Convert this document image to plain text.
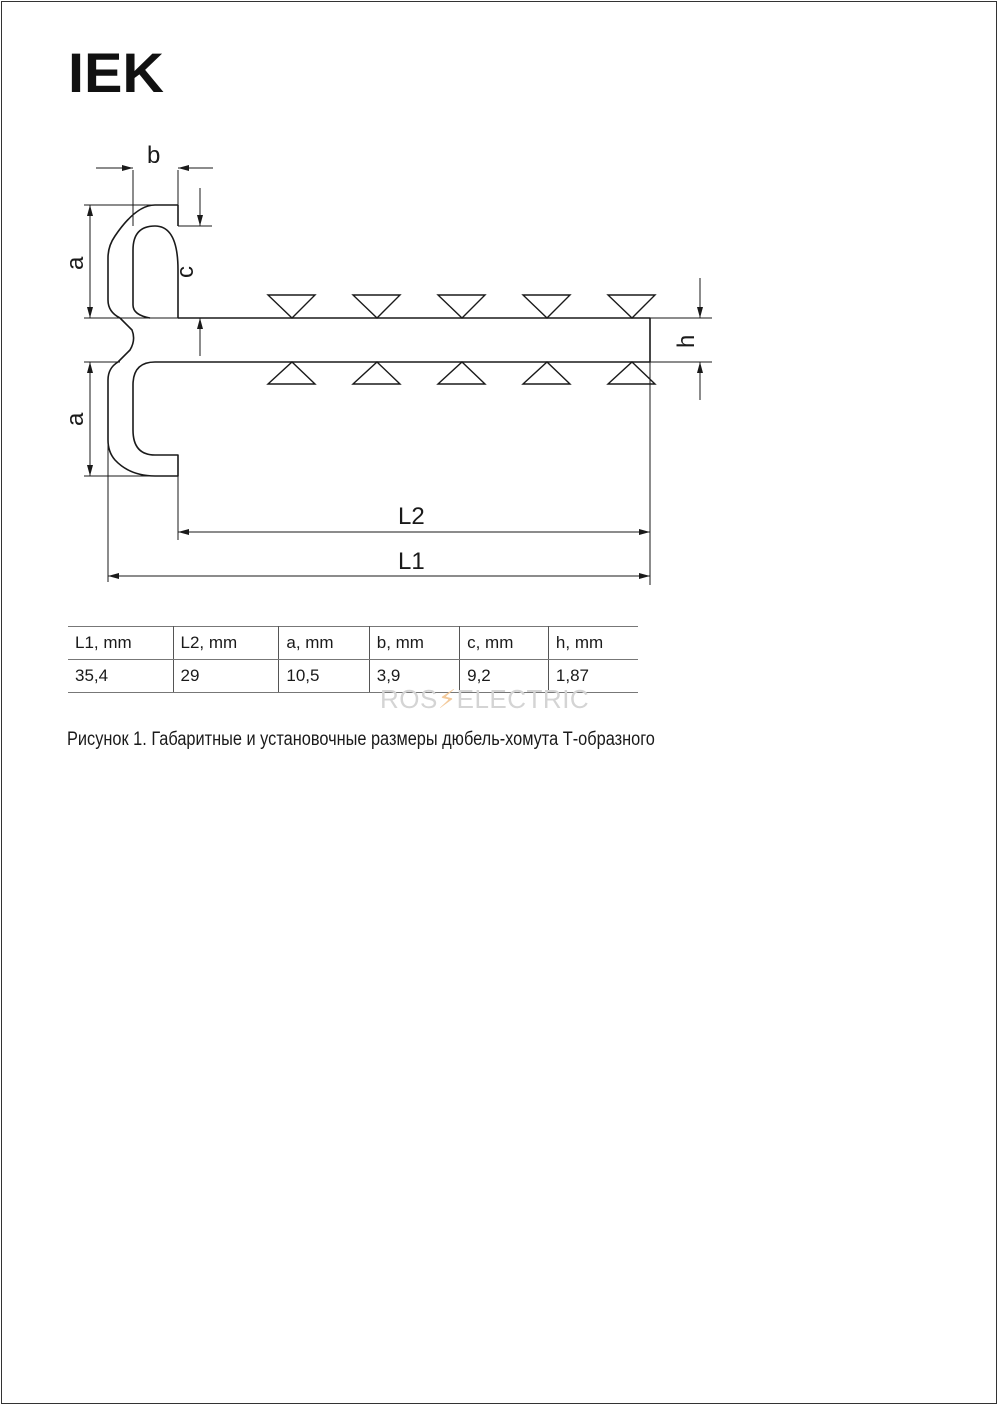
IEK
b
a
c
a
h
L2
L1
L1, mm	L2, mm	a, mm	b, mm	c, mm	h, mm
35,4	29	10,5	3,9	9,2	1,87
ROS⚡ELECTRIC
Рисунок 1. Габаритные и установочные размеры дюбель-хомута Т-образного
